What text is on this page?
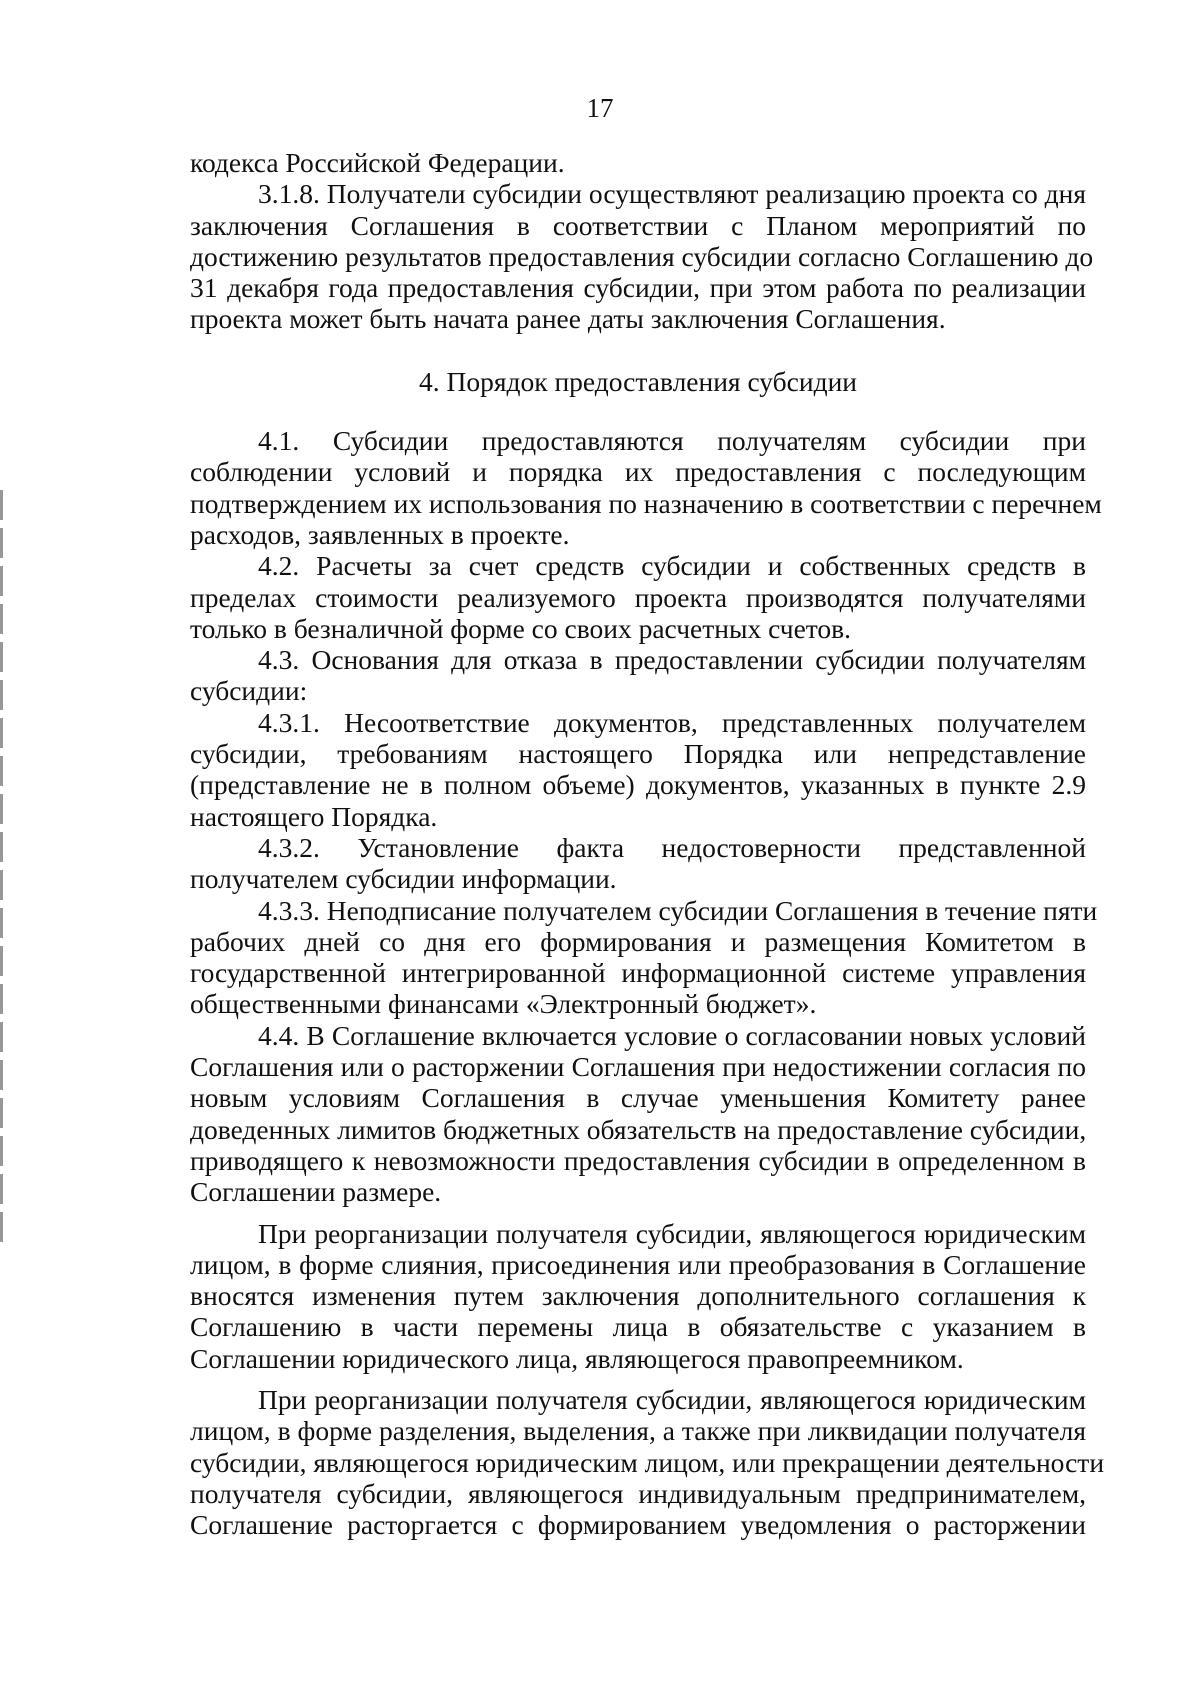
17
кодекса Российской Федерации.
3.1.8. Получатели субсидии осуществляют реализацию проекта со дня
заключения Соглашения в соответствии с Планом мероприятий по
достижению результатов предоставления субсидии согласно Соглашению до
31 декабря года предоставления субсидии, при этом работа по реализации
проекта может быть начата ранее даты заключения Соглашения.
4. Порядок предоставления субсидии
4.1. Субсидии предоставляются получателям субсидии при
соблюдении условий и порядка их предоставления с последующим
подтверждением их использования по назначению в соответствии с перечнем
расходов, заявленных в проекте.
4.2. Расчеты за счет средств субсидии и собственных средств в
пределах стоимости реализуемого проекта производятся получателями
только в безналичной форме со своих расчетных счетов.
4.3. Основания для отказа в предоставлении субсидии получателям
субсидии:
4.3.1. Несоответствие документов, представленных получателем
субсидии, требованиям настоящего Порядка или непредставление
(представление не в полном объеме) документов, указанных в пункте 2.9
настоящего Порядка.
4.3.2. Установление факта недостоверности представленной
получателем субсидии информации.
4.3.3. Неподписание получателем субсидии Соглашения в течение пяти
рабочих дней со дня его формирования и размещения Комитетом в
государственной интегрированной информационной системе управления
общественными финансами «Электронный бюджет».
4.4. В Соглашение включается условие о согласовании новых условий
Соглашения или о расторжении Соглашения при недостижении согласия по
новым условиям Соглашения в случае уменьшения Комитету ранее
доведенных лимитов бюджетных обязательств на предоставление субсидии,
приводящего к невозможности предоставления субсидии в определенном в
Соглашении размере.
При реорганизации получателя субсидии, являющегося юридическим
лицом, в форме слияния, присоединения или преобразования в Соглашение
вносятся изменения путем заключения дополнительного соглашения к
Соглашению в части перемены лица в обязательстве с указанием в
Соглашении юридического лица, являющегося правопреемником.
При реорганизации получателя субсидии, являющегося юридическим
лицом, в форме разделения, выделения, а также при ликвидации получателя
субсидии, являющегося юридическим лицом, или прекращении деятельности
получателя субсидии, являющегося индивидуальным предпринимателем,
Соглашение расторгается с формированием уведомления о расторжении
